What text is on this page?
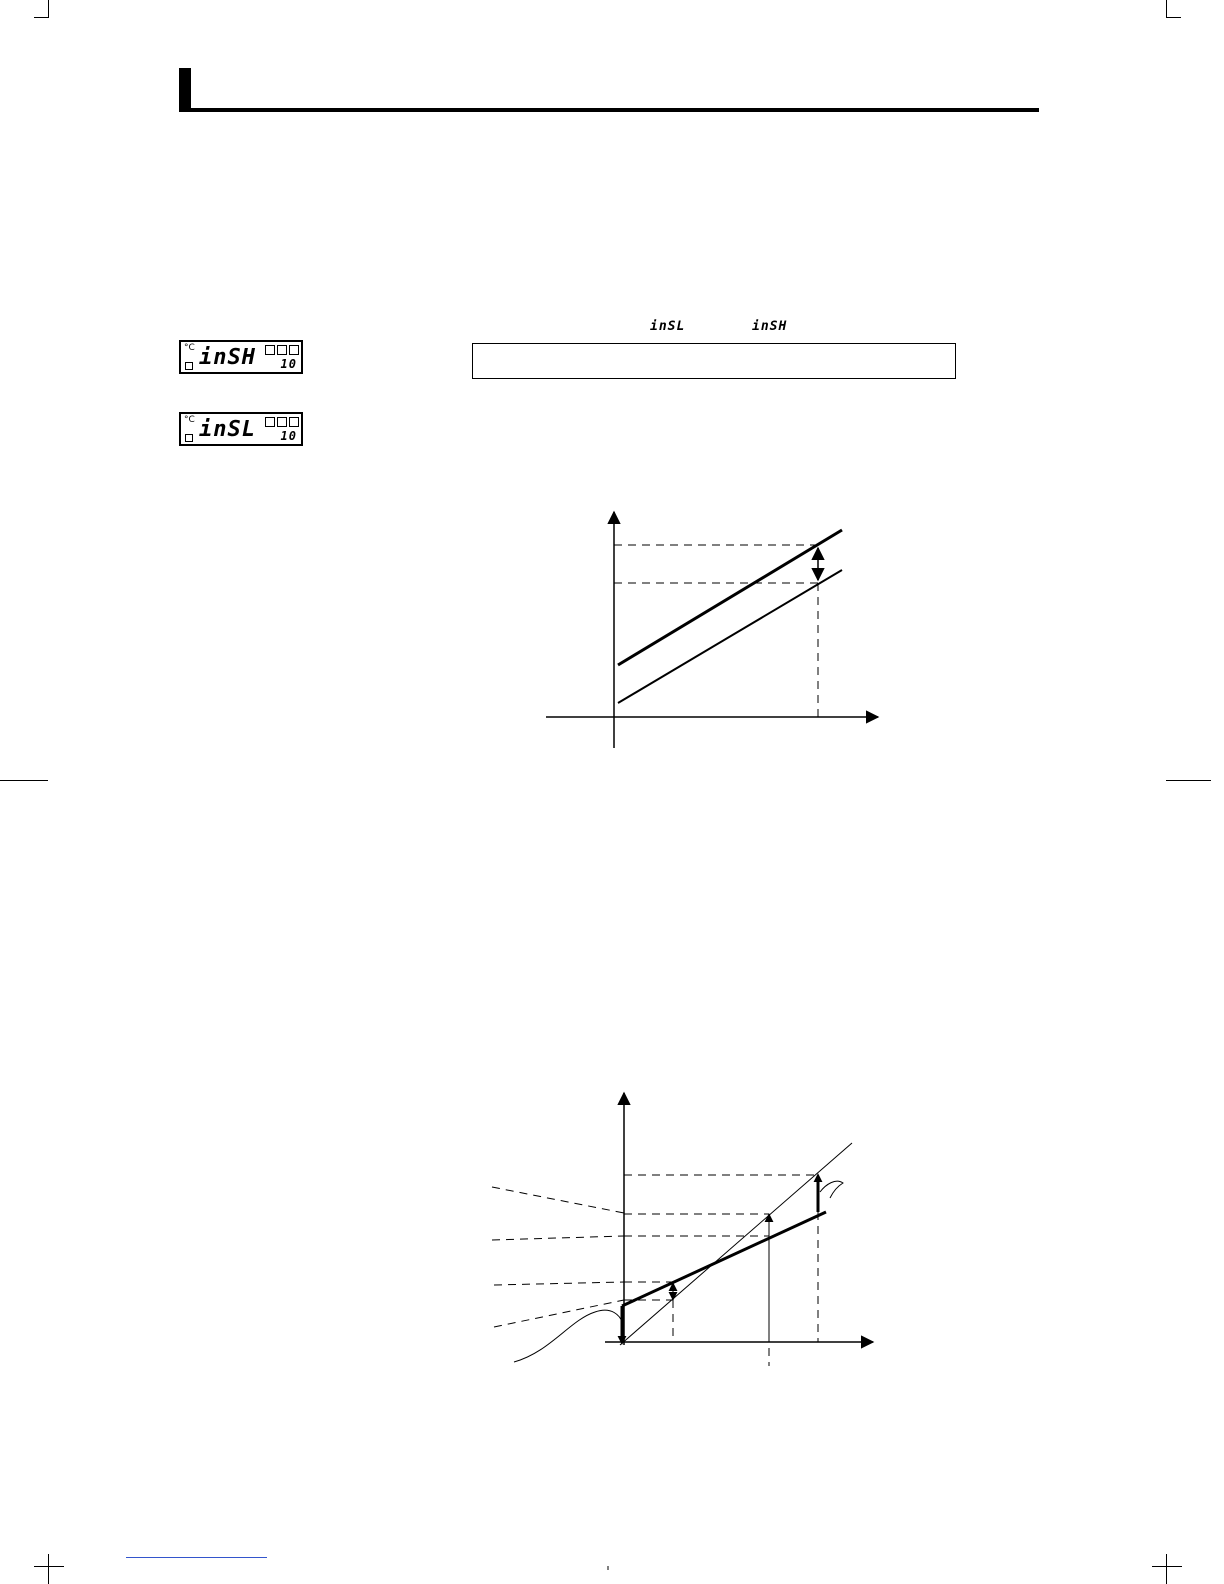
°C inSH 10
°C inSL 10
inSL	inSH
